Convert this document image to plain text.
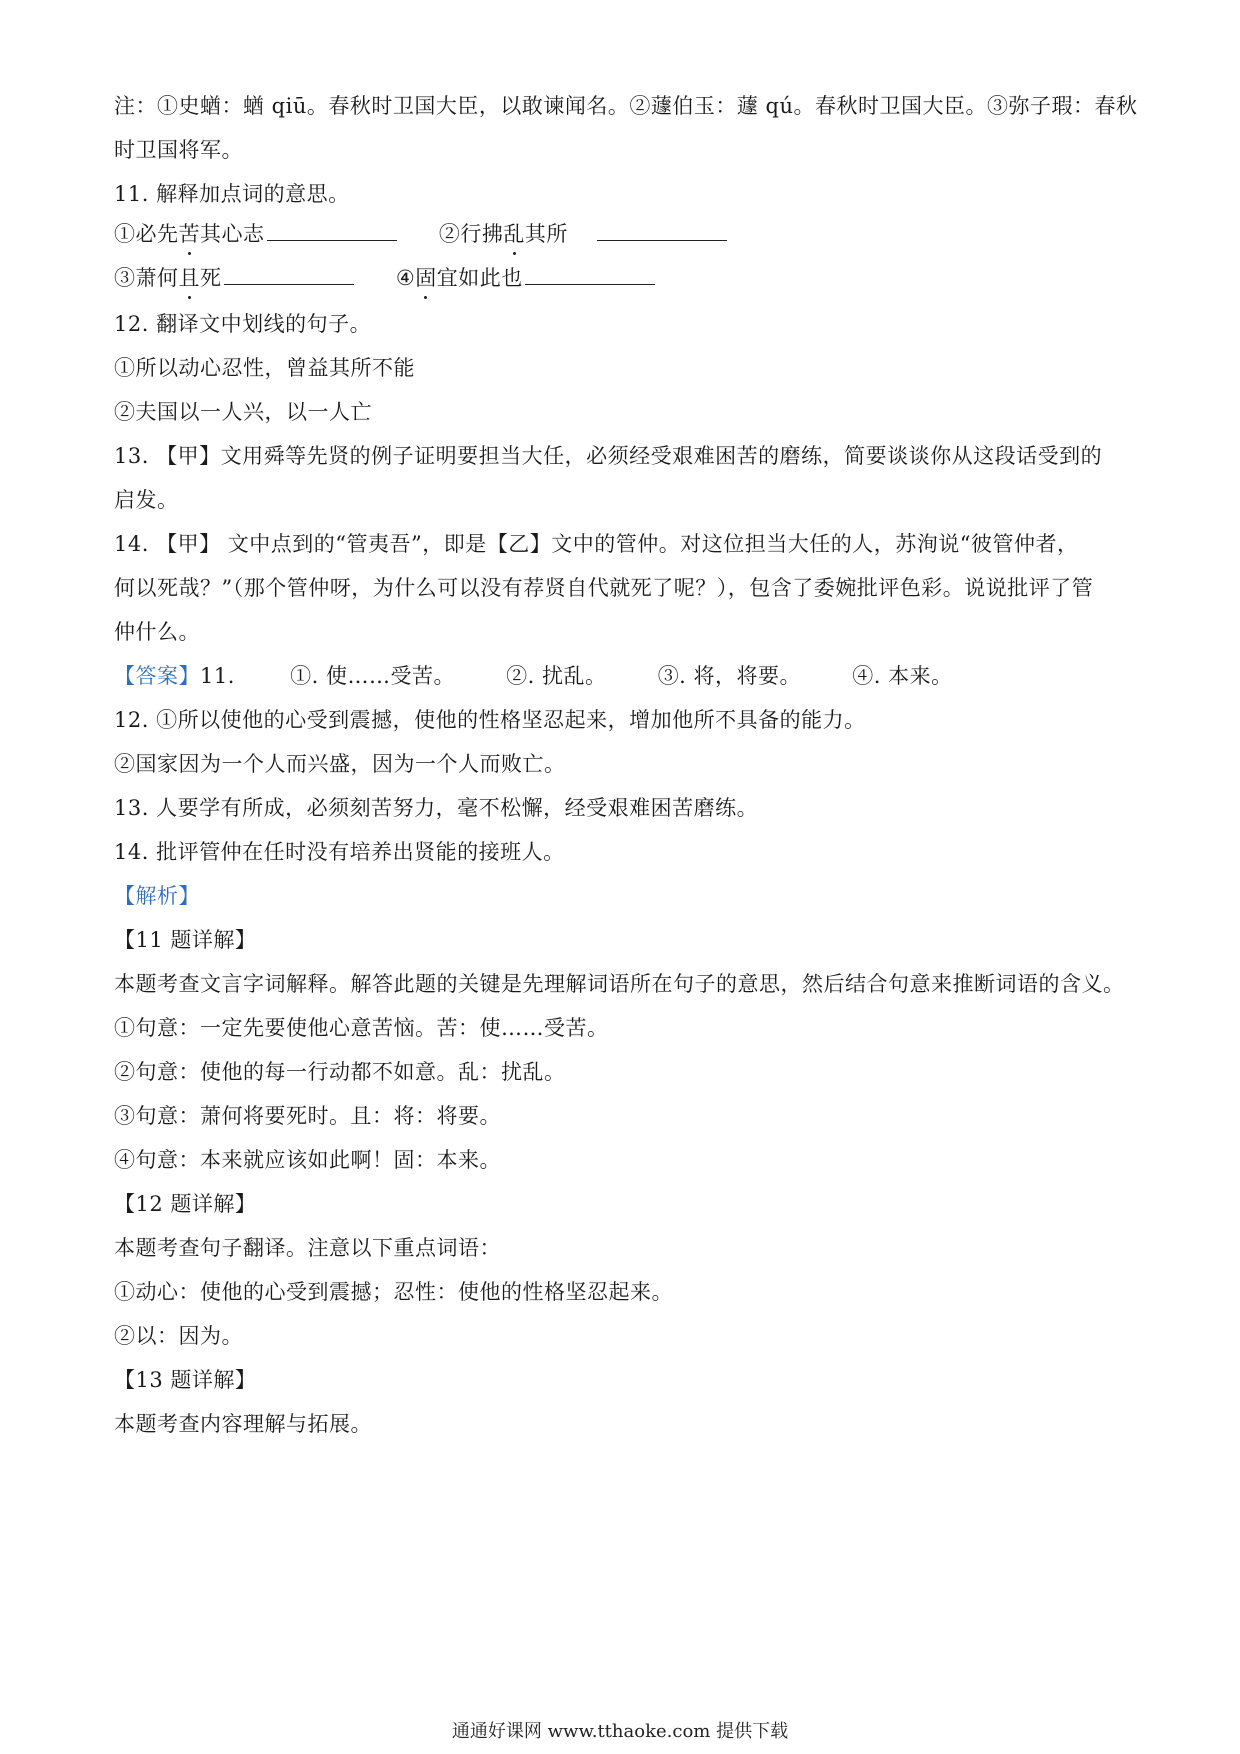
注：①史蝤：蝤 qiū。春秋时卫国大臣，以敢谏闻名。②蘧伯玉：蘧 qú。春秋时卫国大臣。③弥子瑕：春秋
时卫国将军。
11. 解释加点词的意思。
①必先苦其心志	②行拂乱其所
③萧何且死	④固宜如此也
12. 翻译文中划线的句子。
①所以动心忍性，曾益其所不能
②夫国以一人兴，以一人亡
13. 【甲】文用舜等先贤的例子证明要担当大任，必须经受艰难困苦的磨练，简要谈谈你从这段话受到的
启发。
14. 【甲】 文中点到的“管夷吾”，即是【乙】文中的管仲。对这位担当大任的人，苏洵说“彼管仲者，
何以死哉？”（那个管仲呀，为什么可以没有荐贤自代就死了呢？），包含了委婉批评色彩。说说批评了管
仲什么。
【答案】11.	①. 使……受苦。 ②. 扰乱。 ③. 将，将要。 ④. 本来。
12. ①所以使他的心受到震撼，使他的性格坚忍起来，增加他所不具备的能力。
②国家因为一个人而兴盛，因为一个人而败亡。
13. 人要学有所成，必须刻苦努力，毫不松懈，经受艰难困苦磨练。
14. 批评管仲在任时没有培养出贤能的接班人。
【解析】
【11 题详解】
本题考查文言字词解释。解答此题的关键是先理解词语所在句子的意思，然后结合句意来推断词语的含义。
①句意：一定先要使他心意苦恼。苦：使……受苦。
②句意：使他的每一行动都不如意。乱：扰乱。
③句意：萧何将要死时。且：将：将要。
④句意：本来就应该如此啊！固：本来。
【12 题详解】
本题考查句子翻译。注意以下重点词语：
①动心：使他的心受到震撼；忍性：使他的性格坚忍起来。
②以：因为。
【13 题详解】
本题考查内容理解与拓展。
通通好课网 www.tthaoke.com 提供下载
